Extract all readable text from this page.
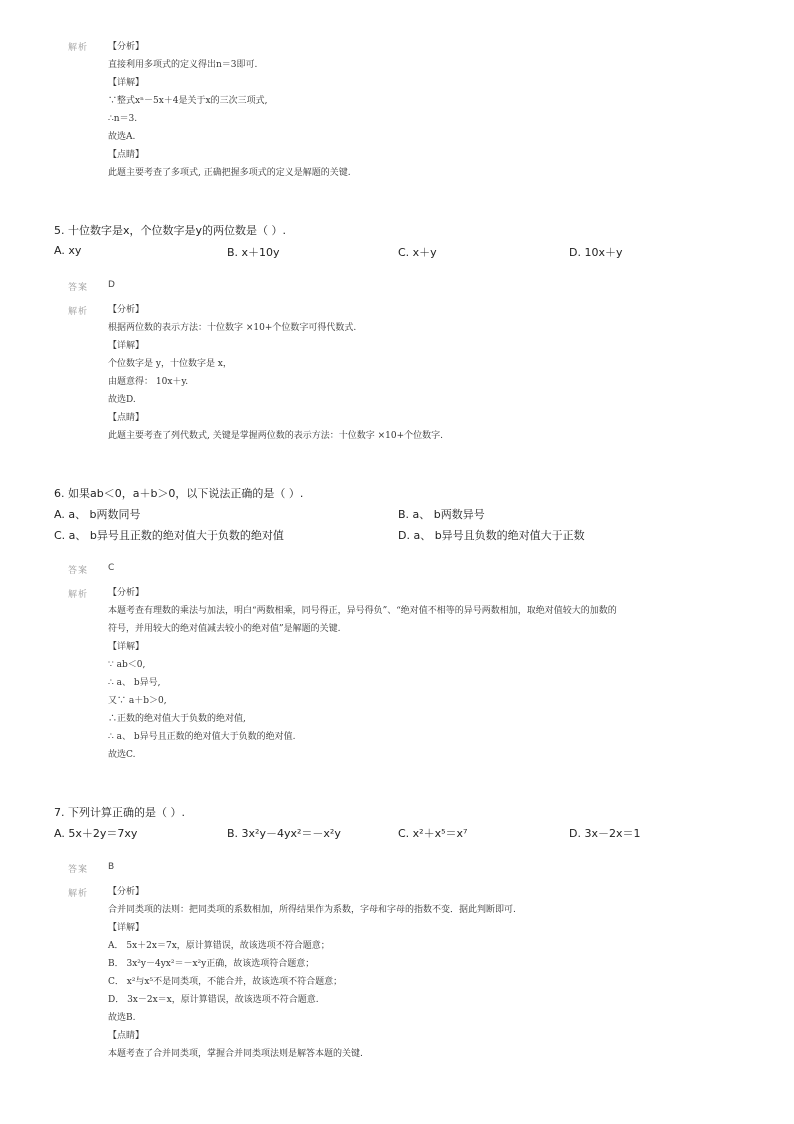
解析 【分析】
直接利用多项式的定义得出n＝3即可.
【详解】
∵整式xⁿ－5x＋4是关于x的三次三项式,
∴n＝3.
故选A.
【点睛】
此题主要考查了多项式, 正确把握多项式的定义是解题的关键.
5. 十位数字是x，个位数字是y的两位数是（ ）.
A. xy	B. x＋10y	C. x＋y	D. 10x＋y
答案 D
解析 【分析】
根据两位数的表示方法：十位数字 ×10+个位数字可得代数式.
【详解】
个位数字是 y，十位数字是 x，
由题意得： 10x＋y.
故选D.
【点睛】
此题主要考查了列代数式, 关键是掌握两位数的表示方法：十位数字 ×10+个位数字.
6. 如果ab＜0，a＋b＞0，以下说法正确的是（ ）.
A. a、 b两数同号	B. a、 b两数异号
C. a、 b异号且正数的绝对值大于负数的绝对值	D. a、 b异号且负数的绝对值大于正数
答案 C
解析 【分析】
本题考查有理数的乘法与加法，明白“两数相乘，同号得正，异号得负”、“绝对值不相等的异号两数相加，取绝对值较大的加数的
符号，并用较大的绝对值减去较小的绝对值”是解题的关键.
【详解】
∵ ab＜0,
∴ a、 b异号,
又∵ a＋b＞0,
∴正数的绝对值大于负数的绝对值,
∴ a、 b异号且正数的绝对值大于负数的绝对值.
故选C.
7. 下列计算正确的是（ ）.
A. 5x＋2y＝7xy	B. 3x²y－4yx²＝－x²y	C. x²＋x⁵＝x⁷	D. 3x－2x＝1
答案 B
解析 【分析】
合并同类项的法则：把同类项的系数相加，所得结果作为系数，字母和字母的指数不变．据此判断即可.
【详解】
A． 5x＋2x＝7x，原计算错误，故该选项不符合题意；
B． 3x²y－4yx²＝－x²y正确，故该选项符合题意；
C． x²与x⁵不是同类项，不能合并，故该选项不符合题意；
D． 3x－2x＝x，原计算错误，故该选项不符合题意.
故选B.
【点睛】
本题考查了合并同类项，掌握合并同类项法则是解答本题的关键.
